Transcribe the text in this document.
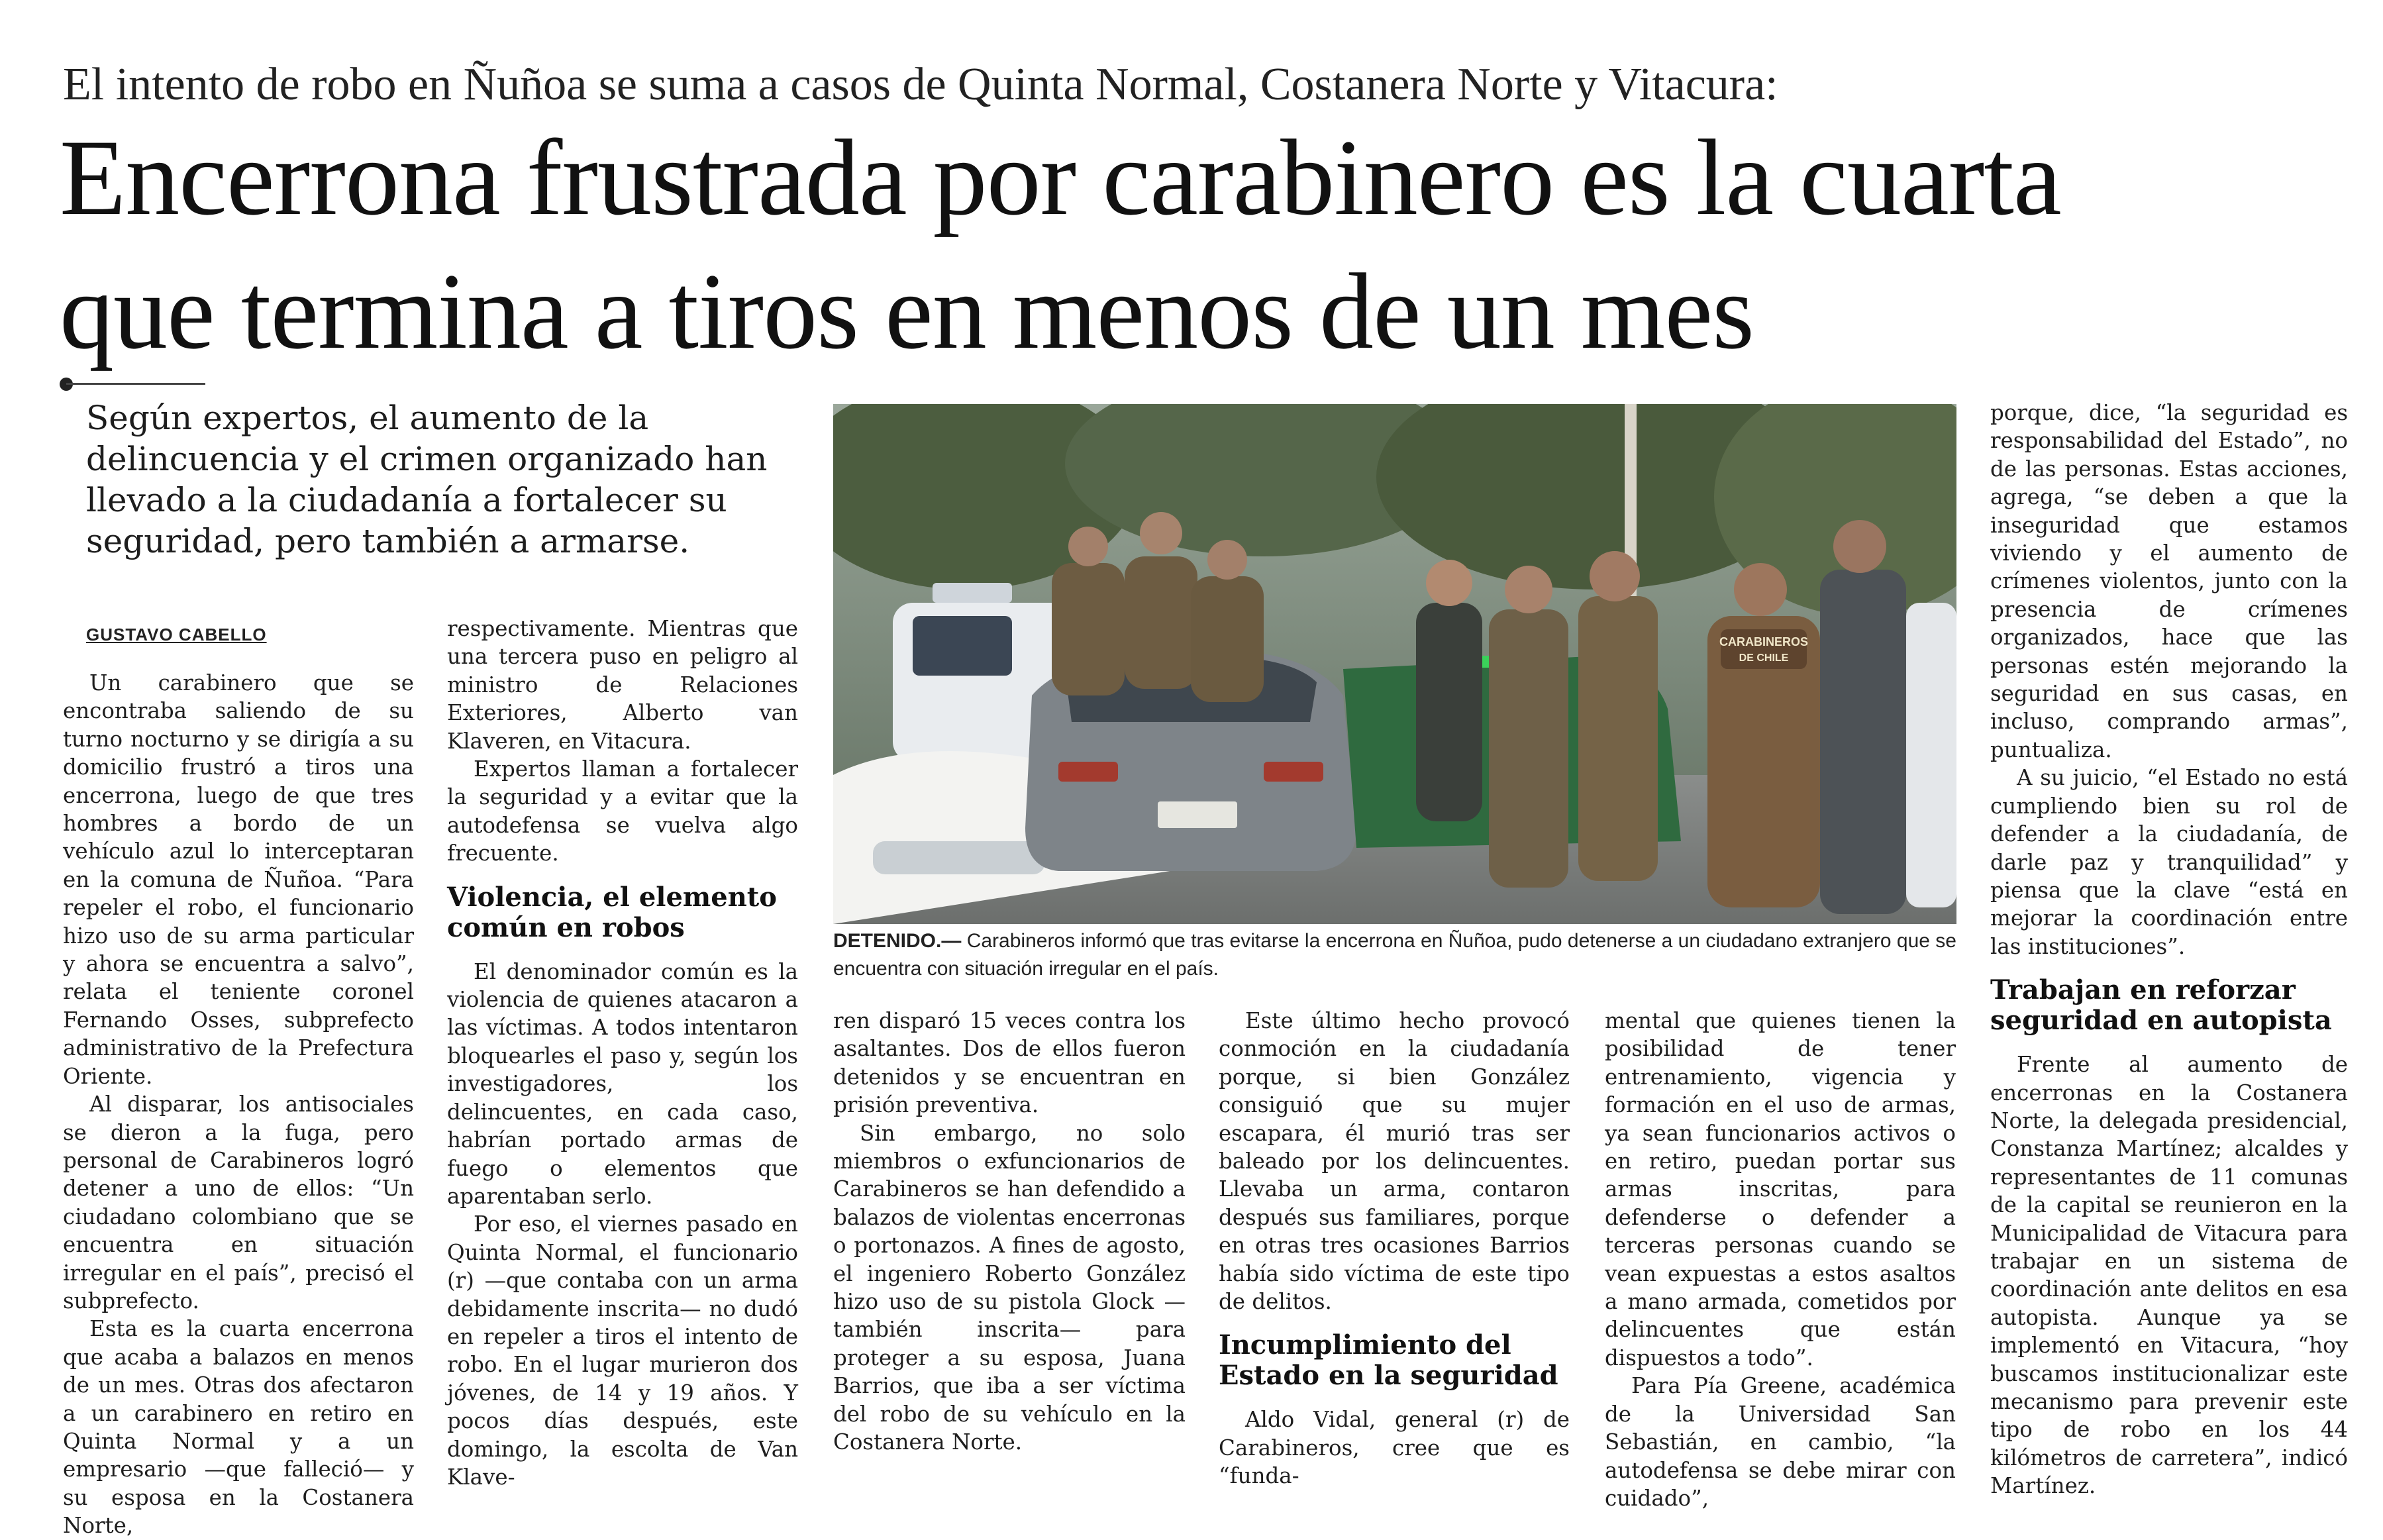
El intento de robo en Ñuñoa se suma a casos de Quinta Normal, Costanera Norte y Vitacura:
Encerrona frustrada por carabinero es la cuarta
que termina a tiros en menos de un mes
Según expertos, el aumento de la delincuencia y el crimen organizado han llevado a la ciudadanía a fortalecer su seguridad, pero también a armarse.
GUSTAVO CABELLO

Un carabinero que se encontraba saliendo de su turno nocturno y se dirigía a su domicilio frustró a tiros una encerrona, luego de que tres hombres a bordo de un vehículo azul lo interceptaran en la comuna de Ñuñoa. “Para repeler el robo, el funcionario hizo uso de su arma particular y ahora se encuentra a salvo”, relata el teniente coronel Fernando Osses, subprefecto administrativo de la Prefectura Oriente.

Al disparar, los antisociales se dieron a la fuga, pero personal de Carabineros logró detener a uno de ellos: “Un ciudadano colombiano que se encuentra en situación irregular en el país”, precisó el subprefecto.

Esta es la cuarta encerrona que acaba a balazos en menos de un mes. Otras dos afectaron a un carabinero en retiro en Quinta Normal y a un empresario —que falleció— y su esposa en la Costanera Norte,

respectivamente. Mientras que una tercera puso en peligro al ministro de Relaciones Exteriores, Alberto van Klaveren, en Vitacura.

Expertos llaman a fortalecer la seguridad y a evitar que la autodefensa se vuelva algo frecuente.

Violencia, el elemento común en robos

El denominador común es la violencia de quienes atacaron a las víctimas. A todos intentaron bloquearles el paso y, según los investigadores, los delincuentes, en cada caso, habrían portado armas de fuego o elementos que aparentaban serlo.

Por eso, el viernes pasado en Quinta Normal, el funcionario (r) —que contaba con un arma debidamente inscrita— no dudó en repeler a tiros el intento de robo. En el lugar murieron dos jóvenes, de 14 y 19 años. Y pocos días después, este domingo, la escolta de Van Klave-

CARABINEROS
DE CHILE
DETENIDO.— Carabineros informó que tras evitarse la encerrona en Ñuñoa, pudo detenerse a un ciudadano extranjero que se encuentra con situación irregular en el país.

ren disparó 15 veces contra los asaltantes. Dos de ellos fueron detenidos y se encuentran en prisión preventiva.

Sin embargo, no solo miembros o exfuncionarios de Carabineros se han defendido a balazos de violentas encerronas o portonazos. A fines de agosto, el ingeniero Roberto González hizo uso de su pistola Glock —también inscrita— para proteger a su esposa, Juana Barrios, que iba a ser víctima del robo de su vehículo en la Costanera Norte.

Este último hecho provocó conmoción en la ciudadanía porque, si bien González consiguió que su mujer escapara, él murió tras ser baleado por los delincuentes. Llevaba un arma, contaron después sus familiares, porque en otras tres ocasiones Barrios había sido víctima de este tipo de delitos.

Incumplimiento del Estado en la seguridad

Aldo Vidal, general (r) de Carabineros, cree que es “funda-

mental que quienes tienen la posibilidad de tener entrenamiento, vigencia y formación en el uso de armas, ya sean funcionarios activos o en retiro, puedan portar sus armas inscritas, para defenderse o defender a terceras personas cuando se vean expuestas a estos asaltos a mano armada, cometidos por delincuentes que están dispuestos a todo”.

Para Pía Greene, académica de la Universidad San Sebastián, en cambio, “la autodefensa se debe mirar con cuidado”,

porque, dice, “la seguridad es responsabilidad del Estado”, no de las personas. Estas acciones, agrega, “se deben a que la inseguridad que estamos viviendo y el aumento de crímenes violentos, junto con la presencia de crímenes organizados, hace que las personas estén mejorando la seguridad en sus casas, en incluso, comprando armas”, puntualiza.

A su juicio, “el Estado no está cumpliendo bien su rol de defender a la ciudadanía, de darle paz y tranquilidad” y piensa que la clave “está en mejorar la coordinación entre las instituciones”.

Trabajan en reforzar seguridad en autopista

Frente al aumento de encerronas en la Costanera Norte, la delegada presidencial, Constanza Martínez; alcaldes y representantes de 11 comunas de la capital se reunieron en la Municipalidad de Vitacura para trabajar en un sistema de coordinación ante delitos en esa autopista. Aunque ya se implementó en Vitacura, “hoy buscamos institucionalizar este mecanismo para prevenir este tipo de robo en los 44 kilómetros de carretera”, indicó Martínez.
